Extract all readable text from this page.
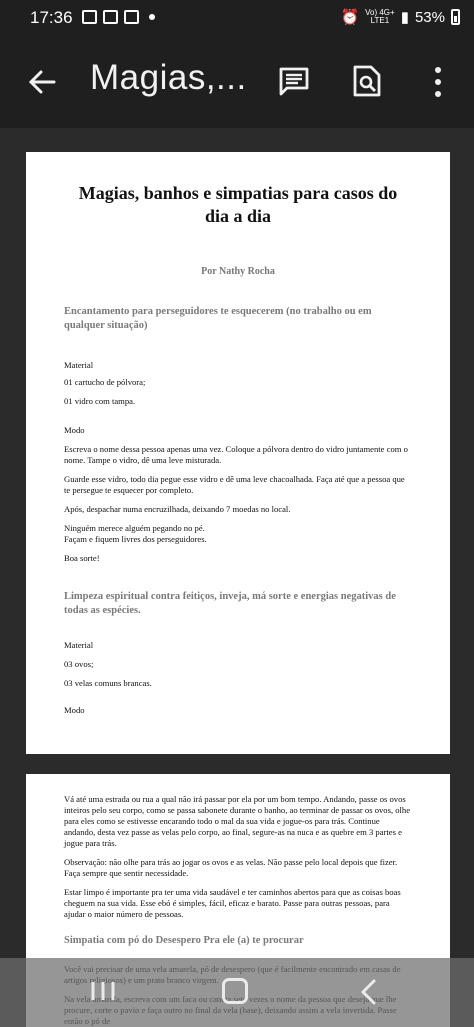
17:36	⏰ Vo) 4G+
LTE1 ▮ 53%
Magias,...
Magias, banhos e simpatias para casos do dia a dia
Por Nathy Rocha
Encantamento para perseguidores te esquecerem (no trabalho ou em qualquer situação)

Material

01 cartucho de pólvora;

01 vidro com tampa.

Modo

Escreva o nome dessa pessoa apenas uma vez. Coloque a pólvora dentro do vidro juntamente com o nome. Tampe o vidro, dê uma leve misturada.

Guarde esse vidro, todo dia pegue esse vidro e dê uma leve chacoalhada. Faça até que a pessoa que te persegue te esquecer por completo.

Após, despachar numa encruzilhada, deixando 7 moedas no local.

Ninguém merece alguém pegando no pé.

Façam e fiquem livres dos perseguidores.

Boa sorte!

Limpeza espiritual contra feitiços, inveja, má sorte e energias negativas de todas as espécies.

Material

03 ovos;

03 velas comuns brancas.

Modo

Vá até uma estrada ou rua a qual não irá passar por ela por um bom tempo. Andando, passe os ovos inteiros pelo seu corpo, como se passa sabonete durante o banho, ao terminar de passar os ovos, olhe para eles como se estivesse encarando todo o mal da sua vida e jogue-os para trás. Continue andando, desta vez passe as velas pelo corpo, ao final, segure-as na nuca e as quebre em 3 partes e jogue para trás.

Observação: não olhe para trás ao jogar os ovos e as velas. Não passe pelo local depois que fizer. Faça sempre que sentir necessidade.

Estar limpo é importante pra ter uma vida saudável e ter caminhos abertos para que as coisas boas cheguem na sua vida. Esse ebó é simples, fácil, eficaz e barato. Passe para outras pessoas, para ajudar o maior número de pessoas.

Simpatia com pó do Desespero Pra ele (a) te procurar
